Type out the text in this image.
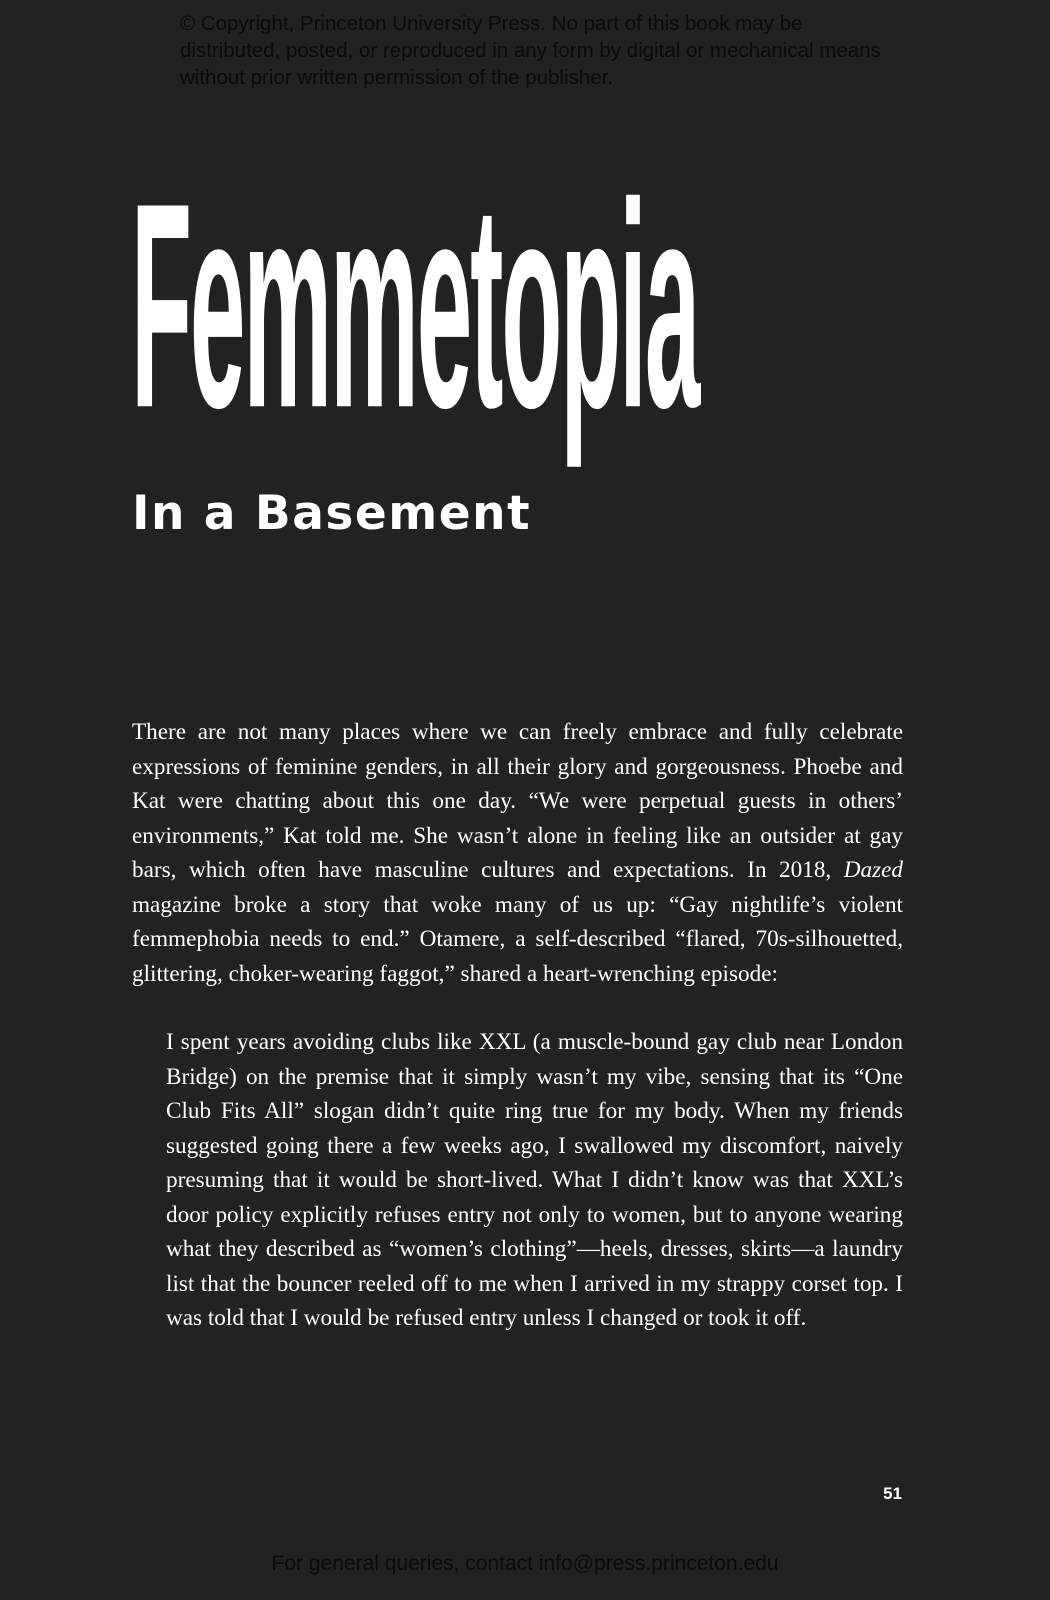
© Copyright, Princeton University Press. No part of this book may be distributed, posted, or reproduced in any form by digital or mechanical means without prior written permission of the publisher.

Femmetopia
In a Basement

There are not many places where we can freely embrace and fully celebrate expressions of feminine genders, in all their glory and gorgeousness. Phoebe and Kat were chatting about this one day. “We were perpetual guests in others’ environments,” Kat told me. She wasn’t alone in feeling like an outsider at gay bars, which often have masculine cultures and expectations. In 2018, Dazed magazine broke a story that woke many of us up: “Gay nightlife’s violent femmephobia needs to end.” Otamere, a self-described “flared, 70s-silhouetted, glittering, choker-wearing faggot,” shared a heart-wrenching episode:

I spent years avoiding clubs like XXL (a muscle-bound gay club near London Bridge) on the premise that it simply wasn’t my vibe, sensing that its “One Club Fits All” slogan didn’t quite ring true for my body. When my friends suggested going there a few weeks ago, I swallowed my discomfort, naively presuming that it would be short-lived. What I didn’t know was that XXL’s door policy explicitly refuses entry not only to women, but to anyone wearing what they described as “women’s clothing”—heels, dresses, skirts—a laundry list that the bouncer reeled off to me when I arrived in my strappy corset top. I was told that I would be refused entry unless I changed or took it off.

51
For general queries, contact info@press.princeton.edu
